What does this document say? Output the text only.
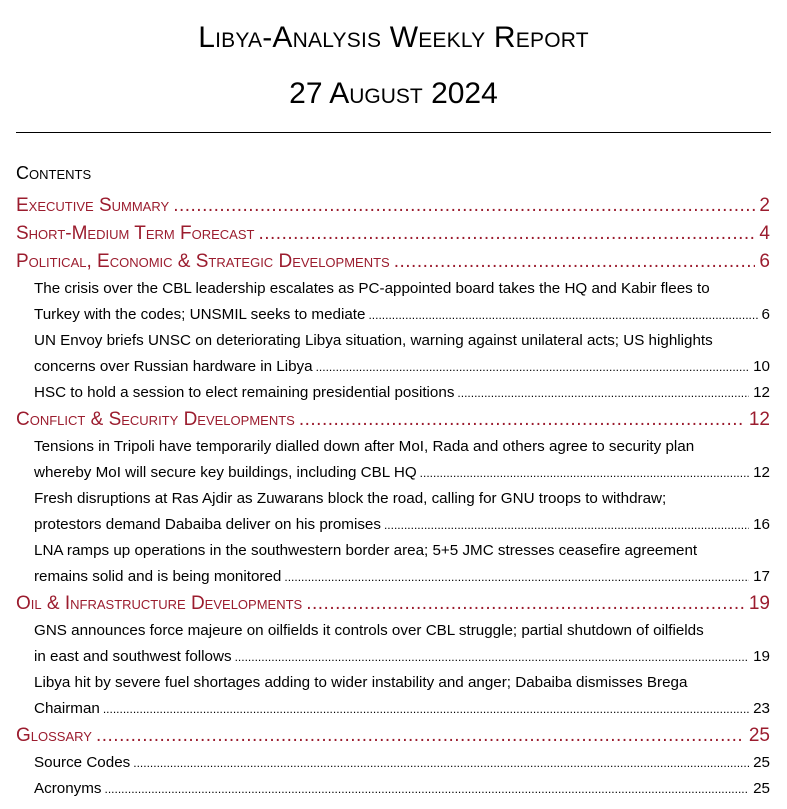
Libya-Analysis Weekly Report
27 August 2024
Contents
Executive Summary .....	2
Short-Medium Term Forecast .....	4
Political, Economic & Strategic Developments .....	6
The crisis over the CBL leadership escalates as PC-appointed board takes the HQ and Kabir flees to
Turkey with the codes; UNSMIL seeks to mediate .....	6
UN Envoy briefs UNSC on deteriorating Libya situation, warning against unilateral acts; US highlights
concerns over Russian hardware in Libya .....	10
HSC to hold a session to elect remaining presidential positions .....	12
Conflict & Security Developments .....	12
Tensions in Tripoli have temporarily dialled down after MoI, Rada and others agree to security plan
whereby MoI will secure key buildings, including CBL HQ .....	12
Fresh disruptions at Ras Ajdir as Zuwarans block the road, calling for GNU troops to withdraw;
protestors demand Dabaiba deliver on his promises .....	16
LNA ramps up operations in the southwestern border area; 5+5 JMC stresses ceasefire agreement
remains solid and is being monitored .....	17
Oil & Infrastructure Developments .....	19
GNS announces force majeure on oilfields it controls over CBL struggle; partial shutdown of oilfields
in east and southwest follows .....	19
Libya hit by severe fuel shortages adding to wider instability and anger; Dabaiba dismisses Brega
Chairman .....	23
Glossary .....	25
Source Codes .....	25
Acronyms .....	25
